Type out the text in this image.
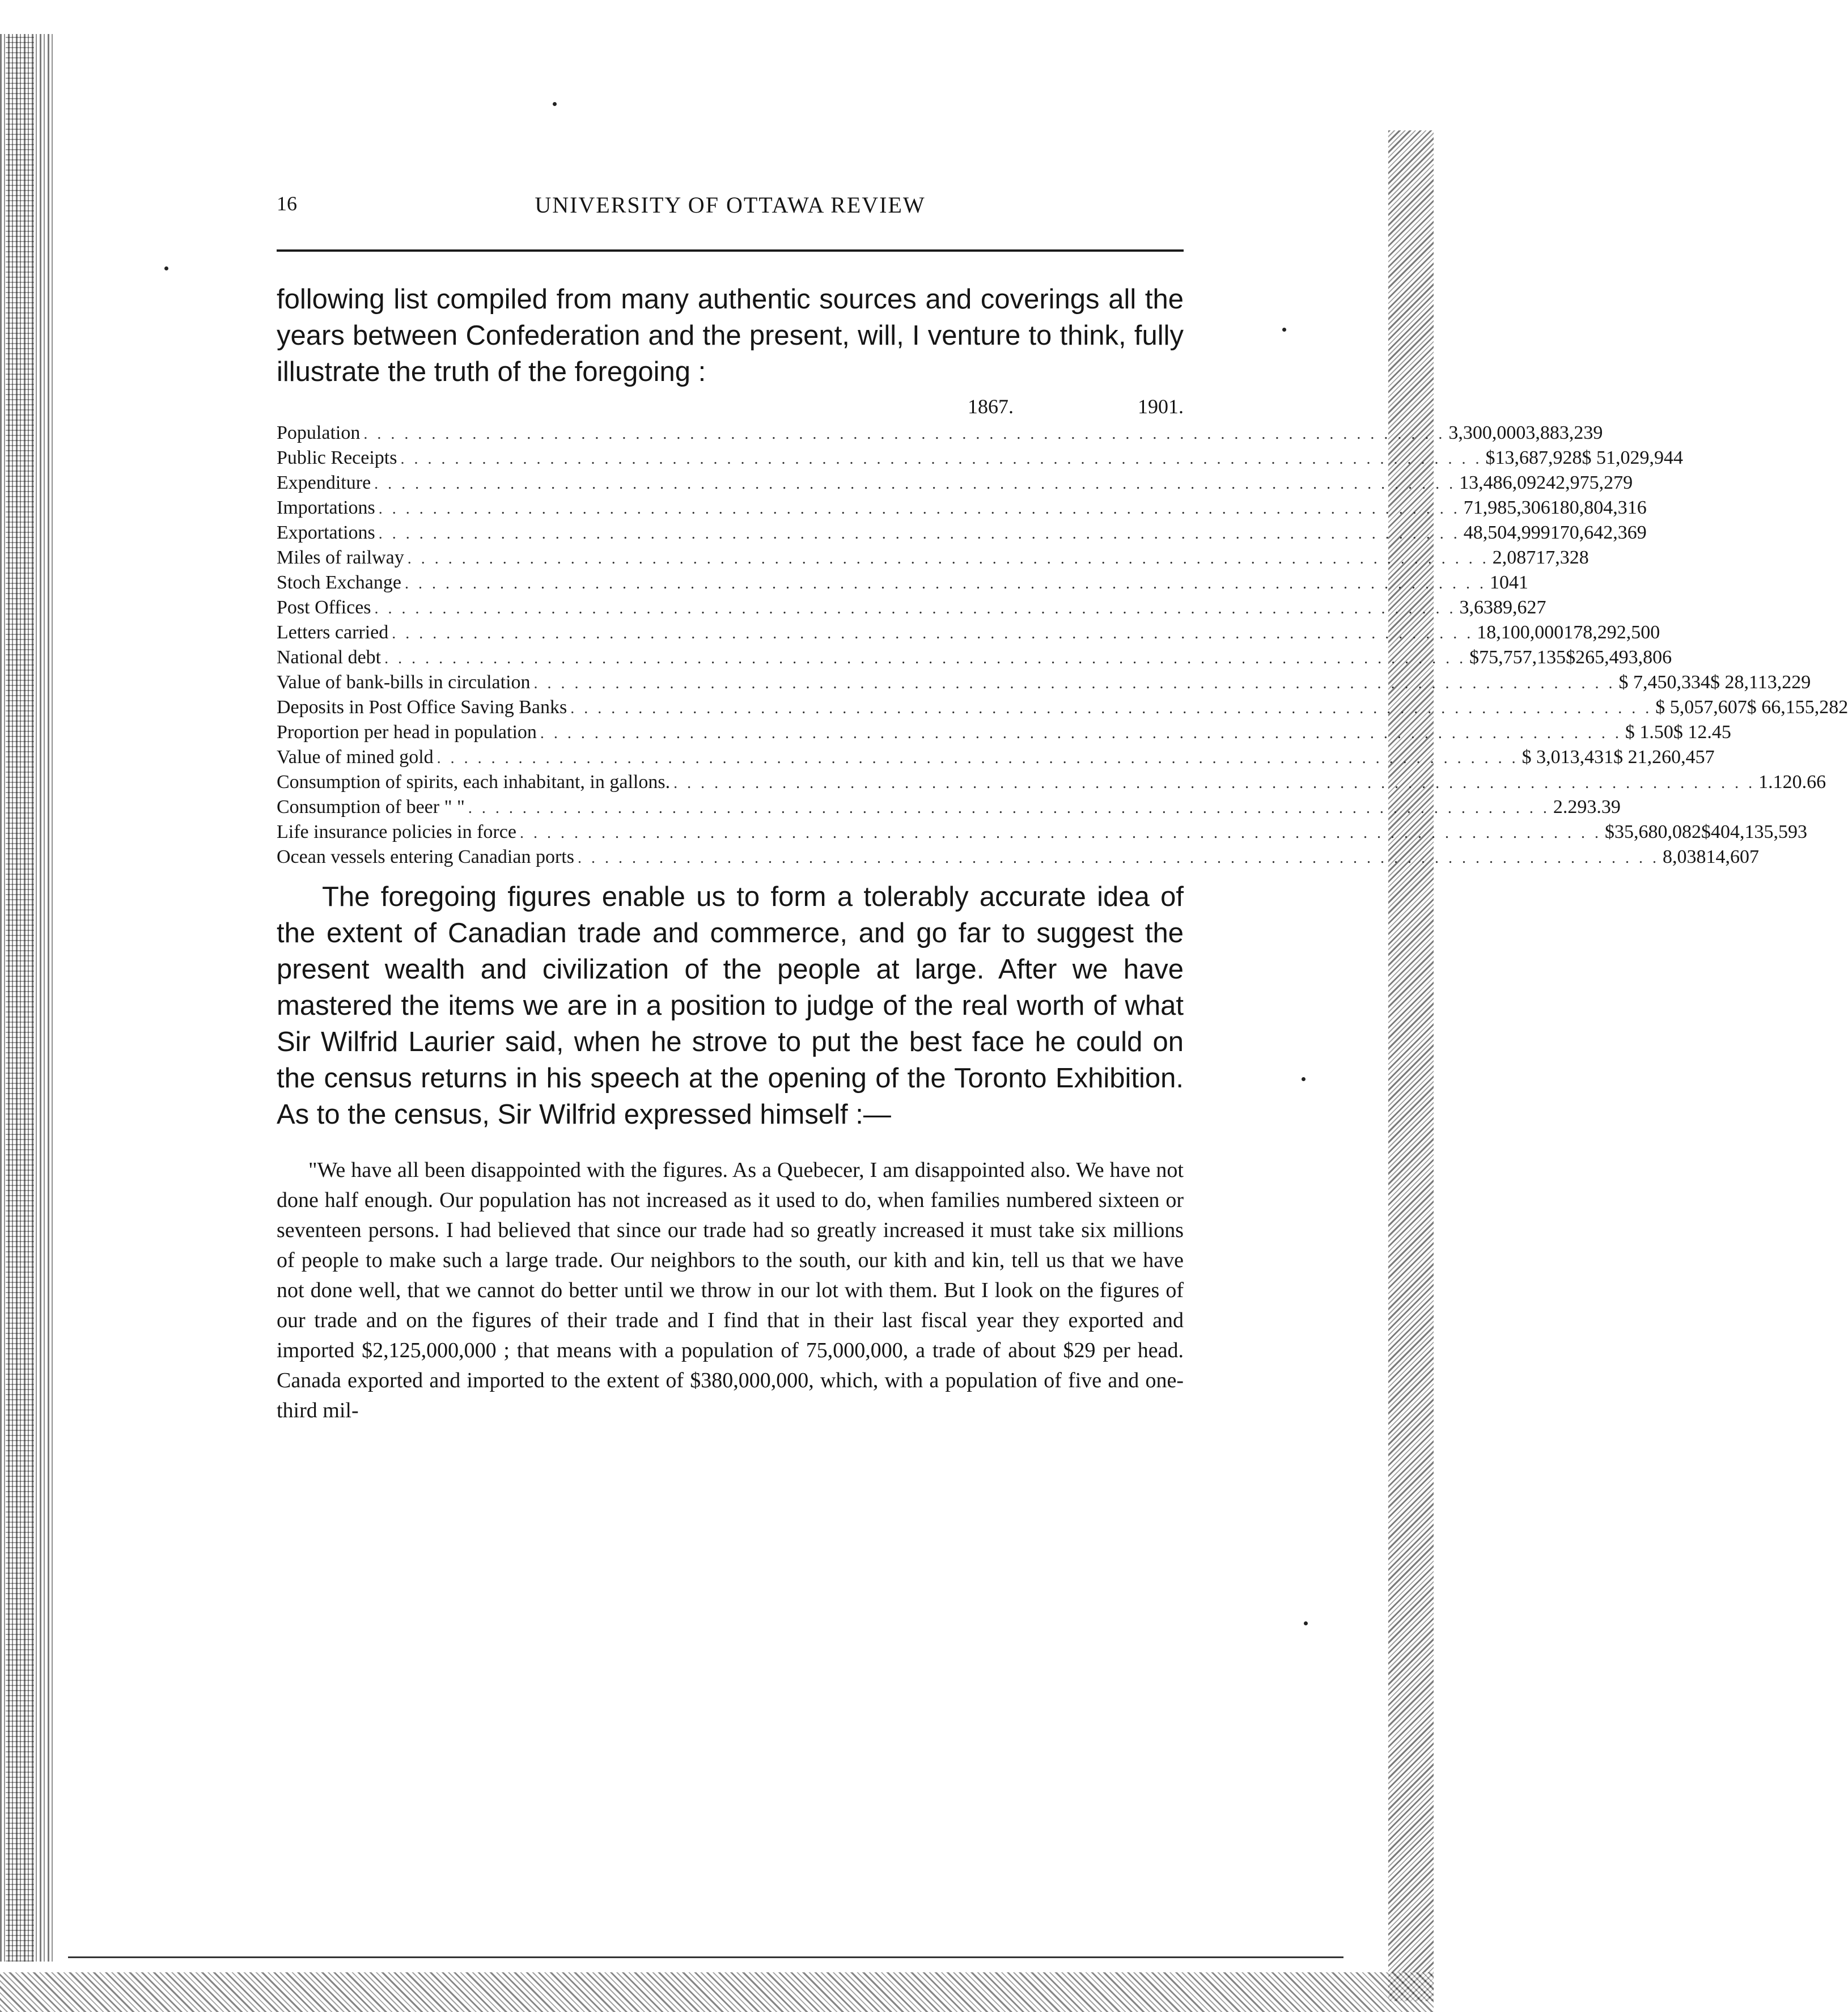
16	UNIVERSITY OF OTTAWA REVIEW

following list compiled from many authentic sources and coverings all the years between Confederation and the present, will, I venture to think, fully illustrate the truth of the foregoing :

1867.	1901.
Population . . . . . . . . . . . . . . . . . . . . . . . . . . . . . . . . . . . . . . . . . . . . . . . . . . . . . . . . . . . . . . . . . . . . . . . . . . . . . . . . 3,300,000 3,883,239
Public Receipts . . . . . . . . . . . . . . . . . . . . . . . . . . . . . . . . . . . . . . . . . . . . . . . . . . . . . . . . . . . . . . . . . . . . . . . . . . . . . . . . $13,687,928 $ 51,029,944
Expenditure . . . . . . . . . . . . . . . . . . . . . . . . . . . . . . . . . . . . . . . . . . . . . . . . . . . . . . . . . . . . . . . . . . . . . . . . . . . . . . . . 13,486,092 42,975,279
Importations . . . . . . . . . . . . . . . . . . . . . . . . . . . . . . . . . . . . . . . . . . . . . . . . . . . . . . . . . . . . . . . . . . . . . . . . . . . . . . . . 71,985,306 180,804,316
Exportations . . . . . . . . . . . . . . . . . . . . . . . . . . . . . . . . . . . . . . . . . . . . . . . . . . . . . . . . . . . . . . . . . . . . . . . . . . . . . . . . 48,504,999 170,642,369
Miles of railway . . . . . . . . . . . . . . . . . . . . . . . . . . . . . . . . . . . . . . . . . . . . . . . . . . . . . . . . . . . . . . . . . . . . . . . . . . . . . . . . 2,087 17,328
Stoch Exchange . . . . . . . . . . . . . . . . . . . . . . . . . . . . . . . . . . . . . . . . . . . . . . . . . . . . . . . . . . . . . . . . . . . . . . . . . . . . . . . . 10 41
Post Offices . . . . . . . . . . . . . . . . . . . . . . . . . . . . . . . . . . . . . . . . . . . . . . . . . . . . . . . . . . . . . . . . . . . . . . . . . . . . . . . . 3,638 9,627
Letters carried . . . . . . . . . . . . . . . . . . . . . . . . . . . . . . . . . . . . . . . . . . . . . . . . . . . . . . . . . . . . . . . . . . . . . . . . . . . . . . . . 18,100,000 178,292,500
National debt . . . . . . . . . . . . . . . . . . . . . . . . . . . . . . . . . . . . . . . . . . . . . . . . . . . . . . . . . . . . . . . . . . . . . . . . . . . . . . . . $75,757,135 $265,493,806
Value of bank-bills in circulation . . . . . . . . . . . . . . . . . . . . . . . . . . . . . . . . . . . . . . . . . . . . . . . . . . . . . . . . . . . . . . . . . . . . . . . . . . . . . . . . $ 7,450,334 $ 28,113,229
Deposits in Post Office Saving Banks . . . . . . . . . . . . . . . . . . . . . . . . . . . . . . . . . . . . . . . . . . . . . . . . . . . . . . . . . . . . . . . . . . . . . . . . . . . . . . . . $ 5,057,607 $ 66,155,282
Proportion per head in population . . . . . . . . . . . . . . . . . . . . . . . . . . . . . . . . . . . . . . . . . . . . . . . . . . . . . . . . . . . . . . . . . . . . . . . . . . . . . . . . $ 1.50 $ 12.45
Value of mined gold . . . . . . . . . . . . . . . . . . . . . . . . . . . . . . . . . . . . . . . . . . . . . . . . . . . . . . . . . . . . . . . . . . . . . . . . . . . . . . . . $ 3,013,431 $ 21,260,457
Consumption of spirits, each inhabitant, in gallons. . . . . . . . . . . . . . . . . . . . . . . . . . . . . . . . . . . . . . . . . . . . . . . . . . . . . . . . . . . . . . . . . . . . . . . . . . . . . . . . . 1.12 0.66
Consumption of beer " " . . . . . . . . . . . . . . . . . . . . . . . . . . . . . . . . . . . . . . . . . . . . . . . . . . . . . . . . . . . . . . . . . . . . . . . . . . . . . . . . 2.29 3.39
Life insurance policies in force . . . . . . . . . . . . . . . . . . . . . . . . . . . . . . . . . . . . . . . . . . . . . . . . . . . . . . . . . . . . . . . . . . . . . . . . . . . . . . . . $35,680,082 $404,135,593
Ocean vessels entering Canadian ports . . . . . . . . . . . . . . . . . . . . . . . . . . . . . . . . . . . . . . . . . . . . . . . . . . . . . . . . . . . . . . . . . . . . . . . . . . . . . . . . 8,038 14,607

The foregoing figures enable us to form a tolerably accurate idea of the extent of Canadian trade and commerce, and go far to suggest the present wealth and civilization of the people at large. After we have mastered the items we are in a position to judge of the real worth of what Sir Wilfrid Laurier said, when he strove to put the best face he could on the census returns in his speech at the opening of the Toronto Exhibition. As to the census, Sir Wilfrid expressed himself :—

"We have all been disappointed with the figures. As a Quebecer, I am disappointed also. We have not done half enough. Our population has not increased as it used to do, when families numbered sixteen or seventeen persons. I had believed that since our trade had so greatly increased it must take six millions of people to make such a large trade. Our neighbors to the south, our kith and kin, tell us that we have not done well, that we cannot do better until we throw in our lot with them. But I look on the figures of our trade and on the figures of their trade and I find that in their last fiscal year they exported and imported $2,125,000,000 ; that means with a population of 75,000,000, a trade of about $29 per head. Canada exported and imported to the extent of $380,000,000, which, with a population of five and one-third mil-
